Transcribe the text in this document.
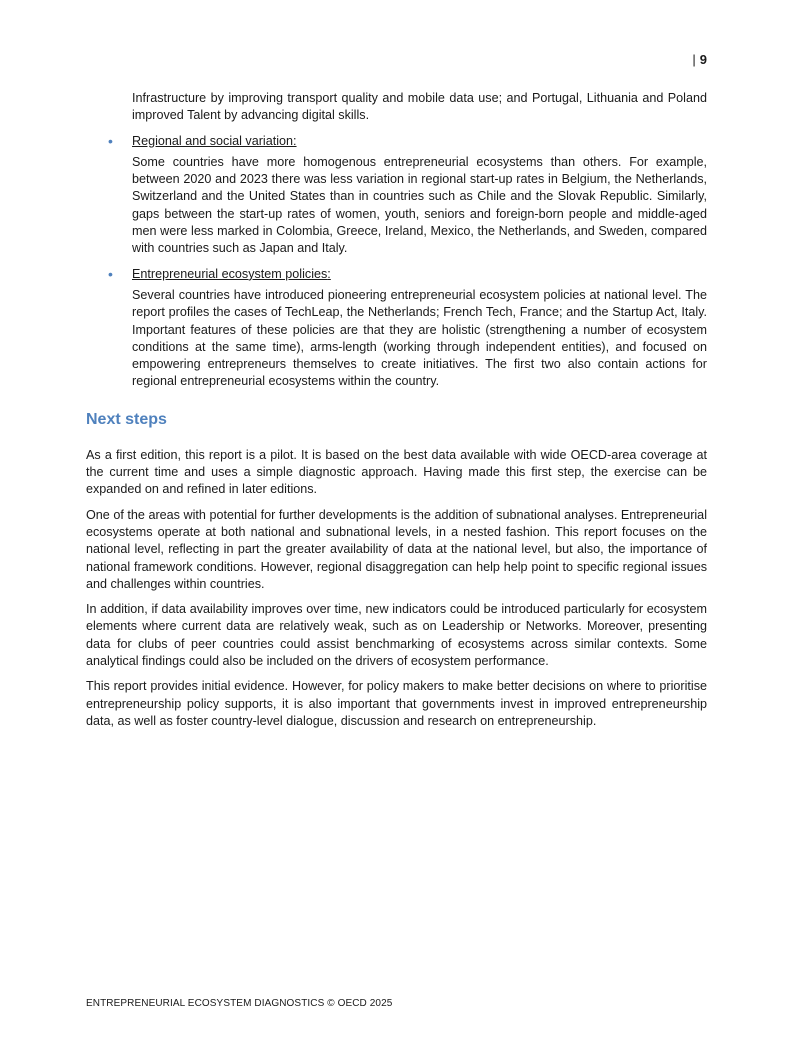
| 9

Infrastructure by improving transport quality and mobile data use; and Portugal, Lithuania and Poland improved Talent by advancing digital skills.

• Regional and social variation:

Some countries have more homogenous entrepreneurial ecosystems than others. For example, between 2020 and 2023 there was less variation in regional start-up rates in Belgium, the Netherlands, Switzerland and the United States than in countries such as Chile and the Slovak Republic. Similarly, gaps between the start-up rates of women, youth, seniors and foreign-born people and middle-aged men were less marked in Colombia, Greece, Ireland, Mexico, the Netherlands, and Sweden, compared with countries such as Japan and Italy.

• Entrepreneurial ecosystem policies:

Several countries have introduced pioneering entrepreneurial ecosystem policies at national level. The report profiles the cases of TechLeap, the Netherlands; French Tech, France; and the Startup Act, Italy. Important features of these policies are that they are holistic (strengthening a number of ecosystem conditions at the same time), arms-length (working through independent entities), and focused on empowering entrepreneurs themselves to create initiatives. The first two also contain actions for regional entrepreneurial ecosystems within the country.

Next steps

As a first edition, this report is a pilot. It is based on the best data available with wide OECD-area coverage at the current time and uses a simple diagnostic approach. Having made this first step, the exercise can be expanded on and refined in later editions.

One of the areas with potential for further developments is the addition of subnational analyses. Entrepreneurial ecosystems operate at both national and subnational levels, in a nested fashion. This report focuses on the national level, reflecting in part the greater availability of data at the national level, but also, the importance of national framework conditions. However, regional disaggregation can help help point to specific regional issues and challenges within countries.

In addition, if data availability improves over time, new indicators could be introduced particularly for ecosystem elements where current data are relatively weak, such as on Leadership or Networks. Moreover, presenting data for clubs of peer countries could assist benchmarking of ecosystems across similar contexts. Some analytical findings could also be included on the drivers of ecosystem performance.

This report provides initial evidence. However, for policy makers to make better decisions on where to prioritise entrepreneurship policy supports, it is also important that governments invest in improved entrepreneurship data, as well as foster country-level dialogue, discussion and research on entrepreneurship.

ENTREPRENEURIAL ECOSYSTEM DIAGNOSTICS © OECD 2025
